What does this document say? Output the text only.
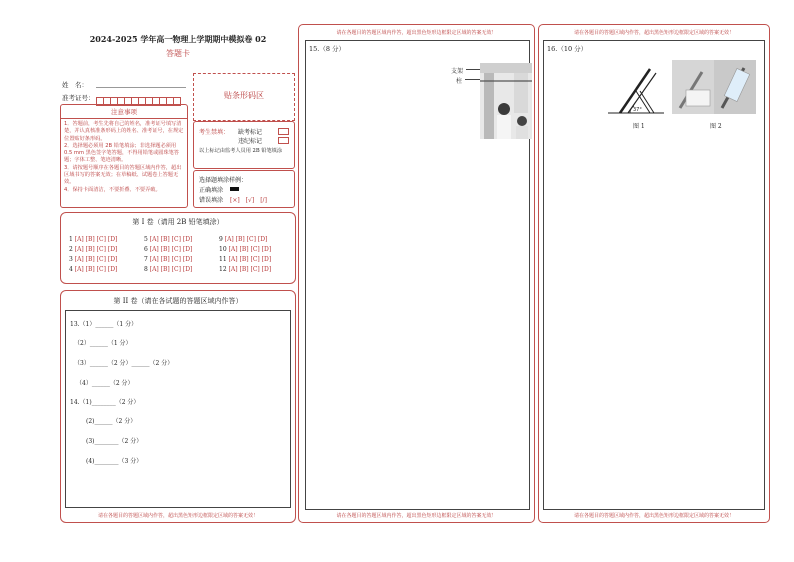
2024-2025 学年高一物理上学期期中模拟卷 02
答题卡
姓　名：
准考证号：	贴条形码区
注意事项
1．答题前，考生先将自己的姓名，准考证号填写清楚，并认真核准条形码上的姓名、准考证号，在规定位置贴好条形码。
2．选择题必须用 2B 铅笔填涂；非选择题必须用 0.5 mm 黑色签字笔答题，不得用铅笔或圆珠笔答题；字体工整、笔迹清晰。
3．请按题号顺序在各题目的答题区域内作答，超出区域书写的答案无效；在草稿纸、试题卷上答题无效。
4．保持卡面清洁，不要折叠、不要弄破。
考生禁填： 缺考标记
违纪标记
以上标记由监考人员用 2B 铅笔填涂
选择题填涂样例：
正确填涂
错误填涂 [×]　[√]　[/]
第 I 卷（请用 2B 铅笔填涂）
1 [A] [B] [C] [D]
2 [A] [B] [C] [D]
3 [A] [B] [C] [D]
4 [A] [B] [C] [D]
5 [A] [B] [C] [D]
6 [A] [B] [C] [D]
7 [A] [B] [C] [D]
8 [A] [B] [C] [D]
9 [A] [B] [C] [D]
10 [A] [B] [C] [D]
11 [A] [B] [C] [D]
12 [A] [B] [C] [D]
第 II 卷（请在各试题的答题区域内作答）
13.（1）______（1 分）
（2）______（1 分）
（3）______（2 分）______（2 分）
（4）______（2 分）
14.（1)________（2 分）
(2)______（2 分）
(3)________（2 分）
(4)________（3 分）
请在各题目的答题区域内作答，超出黑色矩形边框限定区域的答案无效！
请在各题目的答题区域内作答，超出黑色矩形边框限定区域的答案无效！
15.（8 分）
支架
柱
请在各题目的答题区域内作答，超出黑色矩形边框限定区域的答案无效！
请在各题目的答题区域内作答，超出黑色矩形边框限定区域的答案无效！
16.（10 分）
37°
图 1	图 2
请在各题目的答题区域内作答，超出黑色矩形边框限定区域的答案无效！
